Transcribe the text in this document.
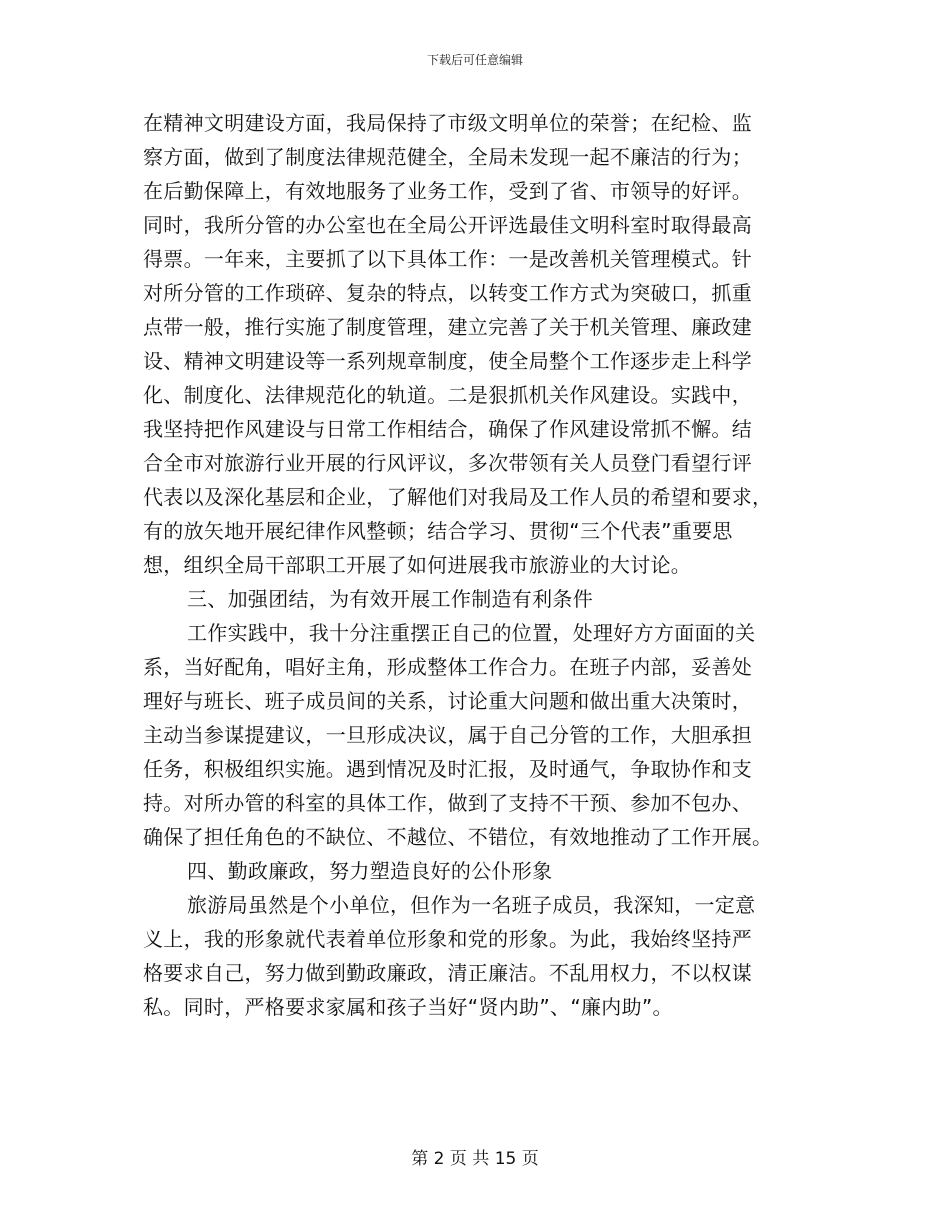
下载后可任意编辑
在精神文明建设方面，我局保持了市级文明单位的荣誉；在纪检、监
察方面，做到了制度法律规范健全，全局未发现一起不廉洁的行为；
在后勤保障上，有效地服务了业务工作，受到了省、市领导的好评。
同时，我所分管的办公室也在全局公开评选最佳文明科室时取得最高
得票。一年来，主要抓了以下具体工作：一是改善机关管理模式。针
对所分管的工作琐碎、复杂的特点，以转变工作方式为突破口，抓重
点带一般，推行实施了制度管理，建立完善了关于机关管理、廉政建
设、精神文明建设等一系列规章制度，使全局整个工作逐步走上科学
化、制度化、法律规范化的轨道。二是狠抓机关作风建设。实践中，
我坚持把作风建设与日常工作相结合，确保了作风建设常抓不懈。结
合全市对旅游行业开展的行风评议，多次带领有关人员登门看望行评
代表以及深化基层和企业，了解他们对我局及工作人员的希望和要求，
有的放矢地开展纪律作风整顿；结合学习、贯彻“三个代表”重要思
想，组织全局干部职工开展了如何进展我市旅游业的大讨论。
三、加强团结，为有效开展工作制造有利条件
工作实践中，我十分注重摆正自己的位置，处理好方方面面的关
系，当好配角，唱好主角，形成整体工作合力。在班子内部，妥善处
理好与班长、班子成员间的关系，讨论重大问题和做出重大决策时，
主动当参谋提建议，一旦形成决议，属于自己分管的工作，大胆承担
任务，积极组织实施。遇到情况及时汇报，及时通气，争取协作和支
持。对所办管的科室的具体工作，做到了支持不干预、参加不包办、
确保了担任角色的不缺位、不越位、不错位，有效地推动了工作开展。
四、勤政廉政，努力塑造良好的公仆形象
旅游局虽然是个小单位，但作为一名班子成员，我深知，一定意
义上，我的形象就代表着单位形象和党的形象。为此，我始终坚持严
格要求自己，努力做到勤政廉政，清正廉洁。不乱用权力，不以权谋
私。同时，严格要求家属和孩子当好“贤内助”、“廉内助”。
第 2 页 共 15 页
